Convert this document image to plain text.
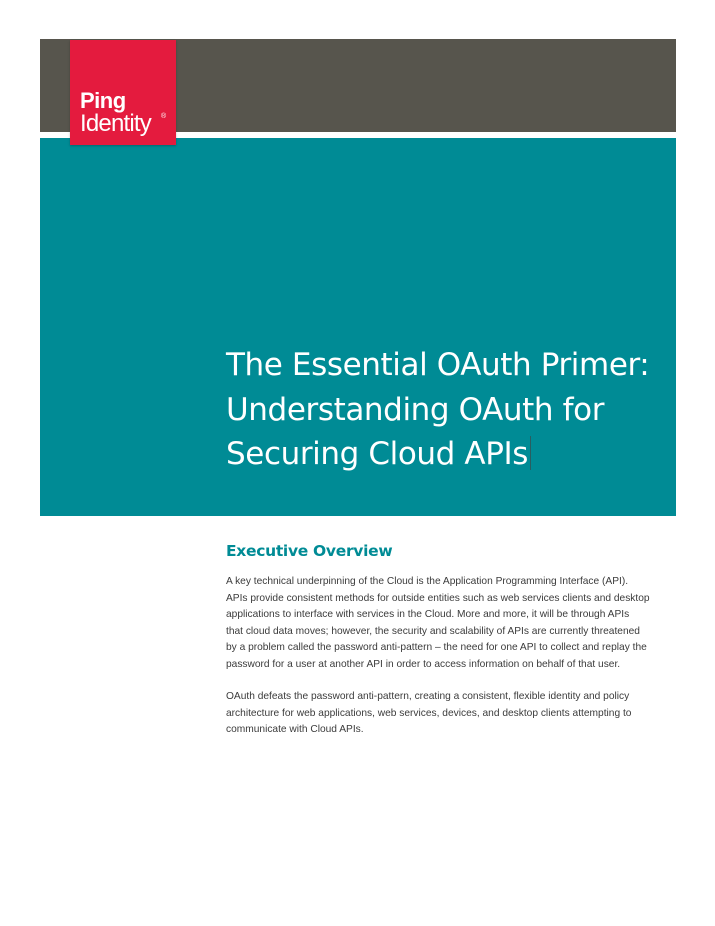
Ping
Identity ®
The Essential OAuth Primer:
Understanding OAuth for
Securing Cloud APIs
Executive Overview

A key technical underpinning of the Cloud is the Application Programming Interface (API).
APIs provide consistent methods for outside entities such as web services clients and desktop
applications to interface with services in the Cloud. More and more, it will be through APIs
that cloud data moves; however, the security and scalability of APIs are currently threatened
by a problem called the password anti-pattern – the need for one API to collect and replay the
password for a user at another API in order to access information on behalf of that user.

OAuth defeats the password anti-pattern, creating a consistent, flexible identity and policy
architecture for web applications, web services, devices, and desktop clients attempting to
communicate with Cloud APIs.
